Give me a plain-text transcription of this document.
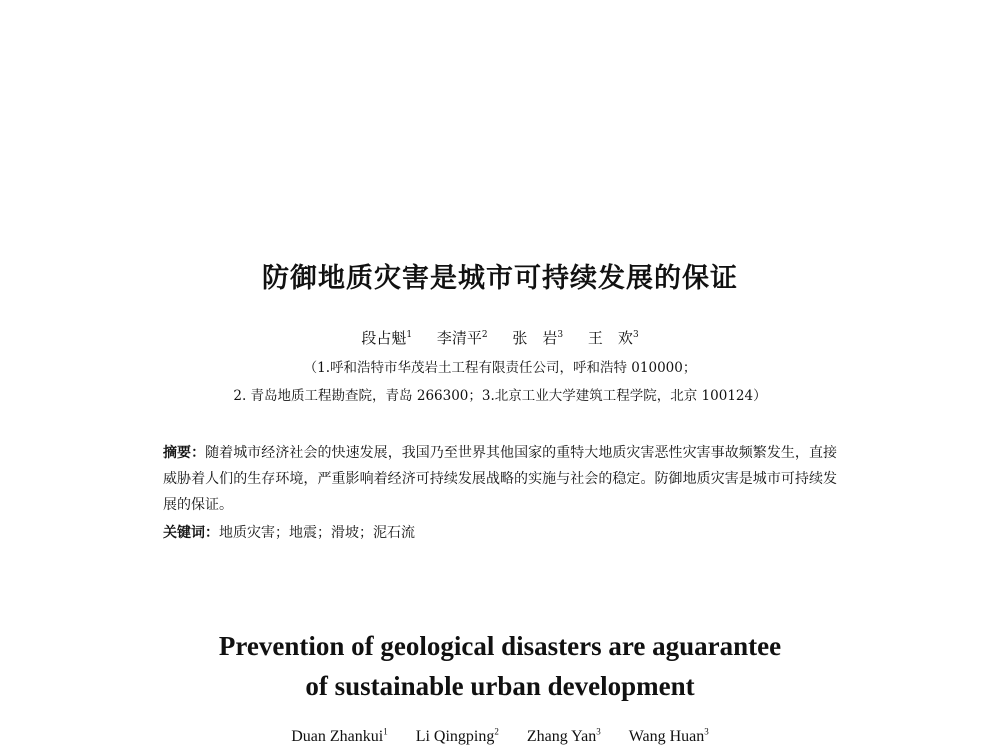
防御地质灾害是城市可持续发展的保证
段占魁$^1$ 李清平$^2$ 张　岩$^3$ 王　欢$^3$
（1.呼和浩特市华茂岩土工程有限责任公司，呼和浩特 010000；
2. 青岛地质工程勘查院，青岛 266300；3.北京工业大学建筑工程学院，北京 100124）
摘要：随着城市经济社会的快速发展，我国乃至世界其他国家的重特大地质灾害恶性灾害事故频繁发生，直接威胁着人们的生存环境，严重影响着经济可持续发展战略的实施与社会的稳定。防御地质灾害是城市可持续发展的保证。
关键词：地质灾害；地震；滑坡；泥石流
Prevention of geological disasters are aguarantee
of sustainable urban development
Duan Zhankui$^1$ Li Qingping$^2$ Zhang Yan$^3$ Wang Huan$^3$
